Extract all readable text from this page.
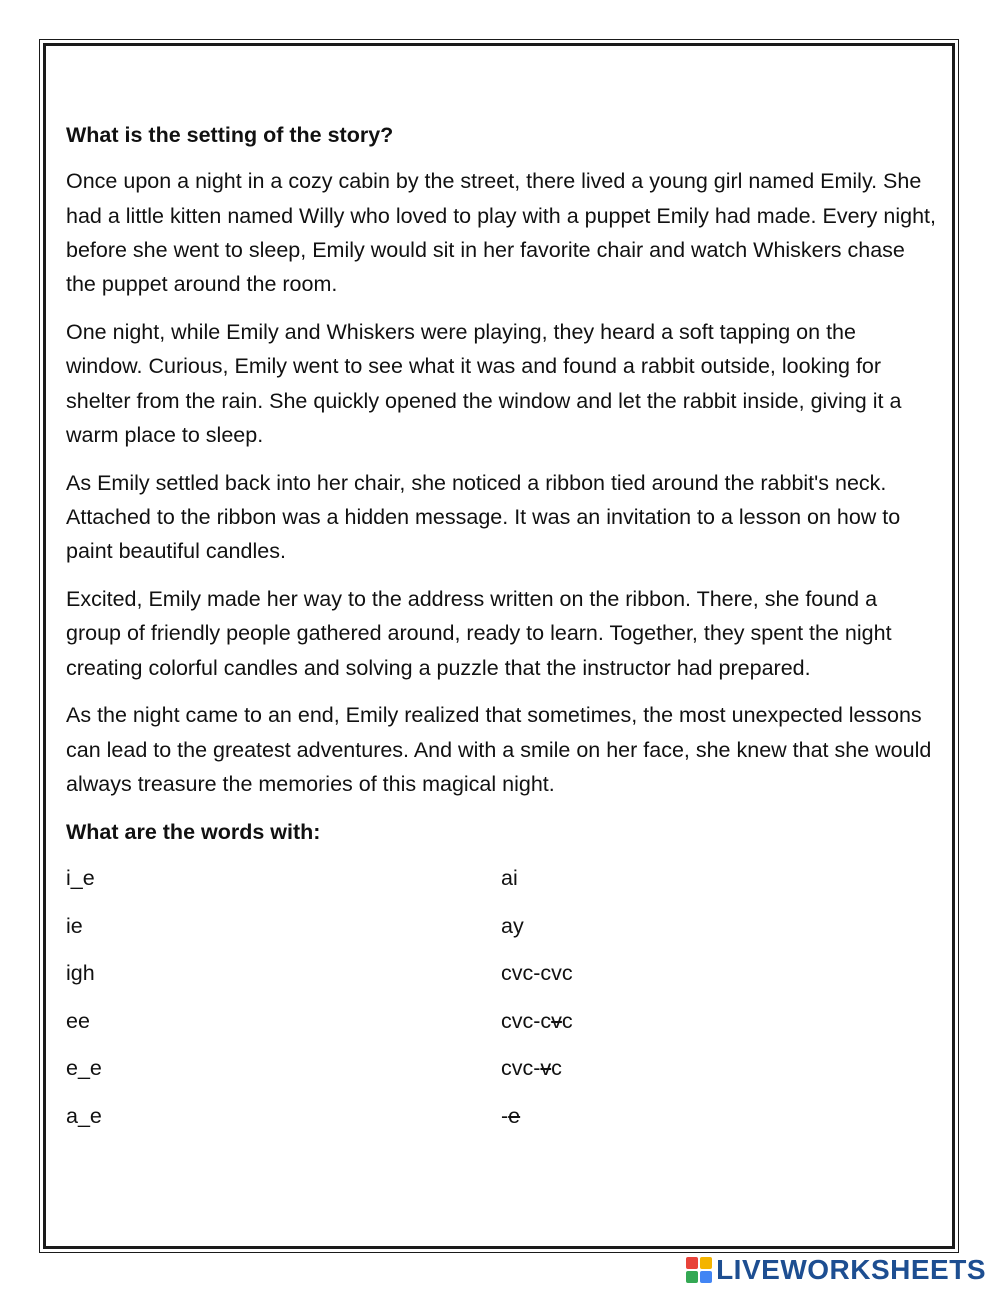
What is the setting of the story?

Once upon a night in a cozy cabin by the street, there lived a young girl named Emily. She had a little kitten named Willy who loved to play with a puppet Emily had made. Every night, before she went to sleep, Emily would sit in her favorite chair and watch Whiskers chase the puppet around the room.

One night, while Emily and Whiskers were playing, they heard a soft tapping on the window. Curious, Emily went to see what it was and found a rabbit outside, looking for shelter from the rain. She quickly opened the window and let the rabbit inside, giving it a warm place to sleep.

As Emily settled back into her chair, she noticed a ribbon tied around the rabbit's neck. Attached to the ribbon was a hidden message. It was an invitation to a lesson on how to paint beautiful candles.

Excited, Emily made her way to the address written on the ribbon. There, she found a group of friendly people gathered around, ready to learn. Together, they spent the night creating colorful candles and solving a puzzle that the instructor had prepared.

As the night came to an end, Emily realized that sometimes, the most unexpected lessons can lead to the greatest adventures. And with a smile on her face, she knew that she would always treasure the memories of this magical night.

What are the words with:

i_e	ai
ie	ay
igh	cvc-cvc
ee	cvc-cvc
e_e	cvc-vc
a_e	-e
LIVEWORKSHEETS
